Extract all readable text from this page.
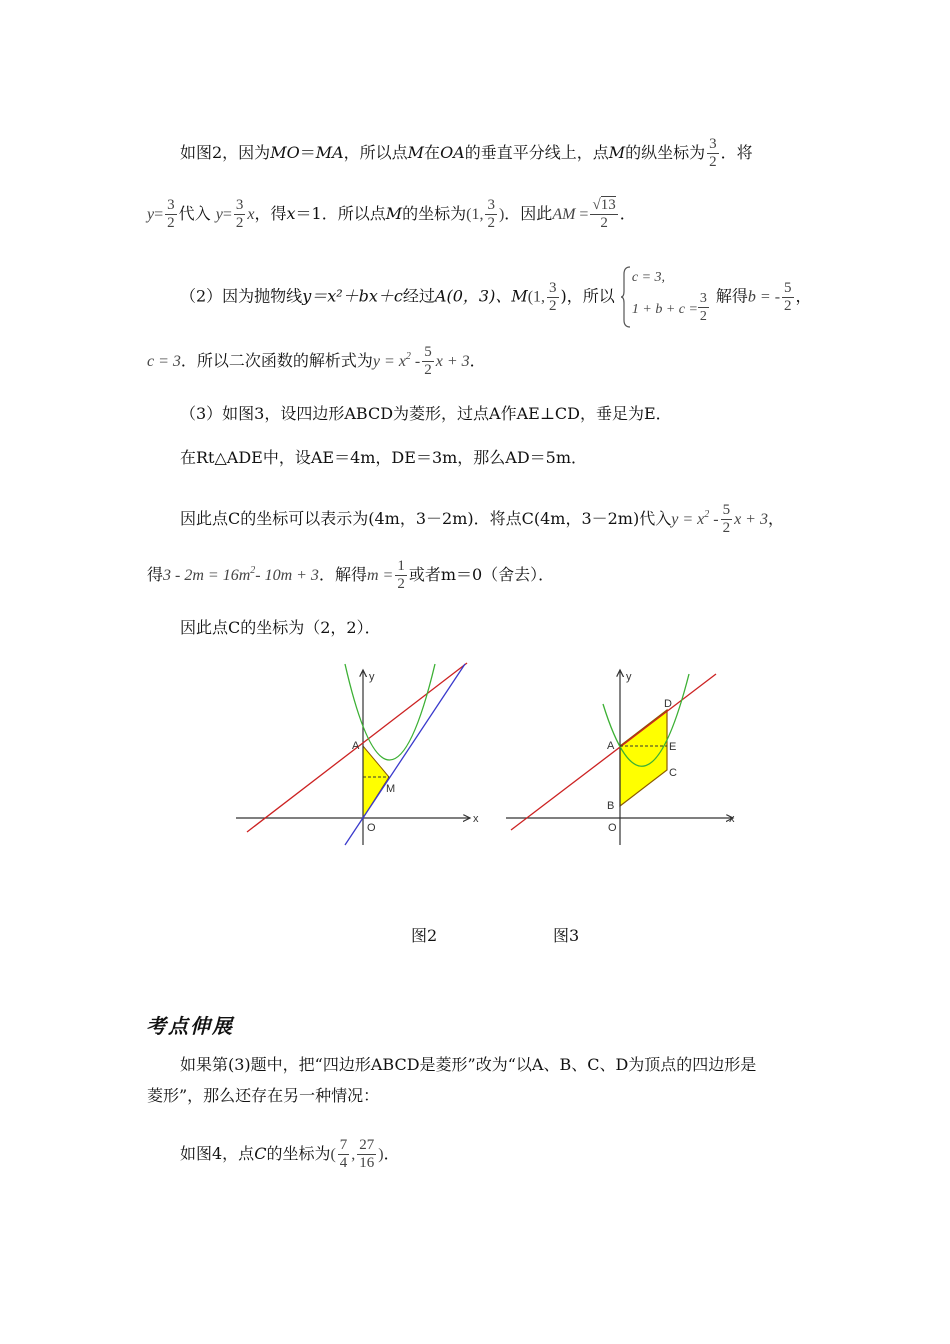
如图2，因为MO＝MA，所以点M在OA的垂直平分线上，点M的纵坐标为 $\frac{3}{2}$ ．将
$y= \frac{3}{2}$ 代入 $y= \frac{3}{2}$ x，得x＝1．所以点M的坐标为(1, $\frac{3}{2}$ )．因此AM = $\frac{√13}{2}$ ．
（2）因为抛物线y＝x²＋bx＋c经过A(0，3)、M(1, $\frac{3}{2}$ )，所以
c = 3,
$1 + b + c = \frac{3}{2}$ 解得b = - $\frac{5}{2}$ ，
c = 3．所以二次函数的解析式为$y = x^2 - \frac{5}{2}$ x + 3．
（3）如图3，设四边形ABCD为菱形，过点A作AE⊥CD，垂足为E．
在Rt△ADE中，设AE＝4m，DE＝3m，那么AD＝5m．
因此点C的坐标可以表示为(4m，3－2m)．将点C(4m，3－2m)代入$y = x^2 - \frac{5}{2}$ x + 3，
得$3 - 2m = 16m^2-$ 10m + 3．解得$m = \frac{1}{2}$ 或者m＝0（舍去）．
因此点C的坐标为（2，2）．
y
x
O
A
M
y
x
O
A
B
C
D
E
图2	图3
考点伸展
如果第(3)题中，把“四边形ABCD是菱形”改为“以A、B、C、D为顶点的四边形是
菱形”，那么还存在另一种情况：
如图4，点C的坐标为( $\frac{7}{4}$ , $\frac{27}{16}$ )．
